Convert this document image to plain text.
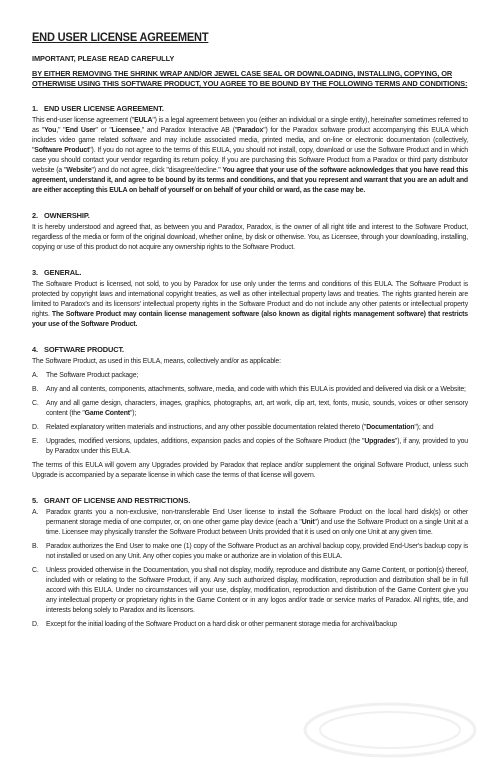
END USER LICENSE AGREEMENT
IMPORTANT, PLEASE READ CAREFULLY
BY EITHER REMOVING THE SHRINK WRAP AND/OR JEWEL CASE SEAL OR DOWNLOADING, INSTALLING, COPYING, OR OTHERWISE USING THIS SOFTWARE PRODUCT, YOU AGREE TO BE BOUND BY THE FOLLOWING TERMS AND CONDITIONS:
1. END USER LICENSE AGREEMENT.

This end-user license agreement ("EULA") is a legal agreement between you (either an individual or a single entity), hereinafter sometimes referred to as "You," "End User" or "Licensee," and Paradox Interactive AB ("Paradox") for the Paradox software product accompanying this EULA which includes video game related software and may include associated media, printed media, and on-line or electronic documentation (collectively, "Software Product"). If you do not agree to the terms of this EULA, you should not install, copy, download or use the Software Product and in which case you should contact your vendor regarding its return policy. If you are purchasing this Software Product from a Paradox or third party distributor website (a "Website") and do not agree, click "disagree/decline." You agree that your use of the software acknowledges that you have read this agreement, understand it, and agree to be bound by its terms and conditions, and that you represent and warrant that you are an adult and are either accepting this EULA on behalf of yourself or on behalf of your child or ward, as the case may be.

2. OWNERSHIP.

It is hereby understood and agreed that, as between you and Paradox, Paradox, is the owner of all right title and interest to the Software Product, regardless of the media or form of the original download, whether online, by disk or otherwise. You, as Licensee, through your downloading, installing, copying or use of this product do not acquire any ownership rights to the Software Product.

3. GENERAL.

The Software Product is licensed, not sold, to you by Paradox for use only under the terms and conditions of this EULA. The Software Product is protected by copyright laws and international copyright treaties, as well as other intellectual property laws and treaties. The rights granted herein are limited to Paradox's and its licensors' intellectual property rights in the Software Product and do not include any other patents or intellectual property rights. The Software Product may contain license management software (also known as digital rights management software) that restricts your use of the Software Product.

4. SOFTWARE PRODUCT.

The Software Product, as used in this EULA, means, collectively and/or as applicable:

A.	The Software Product package;
B.	Any and all contents, components, attachments, software, media, and code with which this EULA is provided and delivered via disk or a Website;
C.	Any and all game design, characters, images, graphics, photographs, art, art work, clip art, text, fonts, music, sounds, voices or other sensory content (the "Game Content");
D.	Related explanatory written materials and instructions, and any other possible documentation related thereto ("Documentation"); and
E.	Upgrades, modified versions, updates, additions, expansion packs and copies of the Software Product (the "Upgrades"), if any, provided to you by Paradox under this EULA.

The terms of this EULA will govern any Upgrades provided by Paradox that replace and/or supplement the original Software Product, unless such Upgrade is accompanied by a separate license in which case the terms of that license will govern.

5. GRANT OF LICENSE AND RESTRICTIONS.
A.	Paradox grants you a non-exclusive, non-transferable End User license to install the Software Product on the local hard disk(s) or other permanent storage media of one computer, or, on one other game play device (each a "Unit") and use the Software Product on a single Unit at a time. Licensee may physically transfer the Software Product between Units provided that it is used on only one Unit at any given time.
B.	Paradox authorizes the End User to make one (1) copy of the Software Product as an archival backup copy, provided End-User's backup copy is not installed or used on any Unit. Any other copies you make or authorize are in violation of this EULA.
C.	Unless provided otherwise in the Documentation, you shall not display, modify, reproduce and distribute any Game Content, or portion(s) thereof, included with or relating to the Software Product, if any. Any such authorized display, modification, reproduction and distribution shall be in full accord with this EULA. Under no circumstances will your use, display, modification, reproduction and distribution of the Game Content give you any intellectual property or proprietary rights in the Game Content or in any logos and/or trade or service marks of Paradox. All rights, title, and interests belong solely to Paradox and its licensors.
D.	Except for the initial loading of the Software Product on a hard disk or other permanent storage media for archival/backup
